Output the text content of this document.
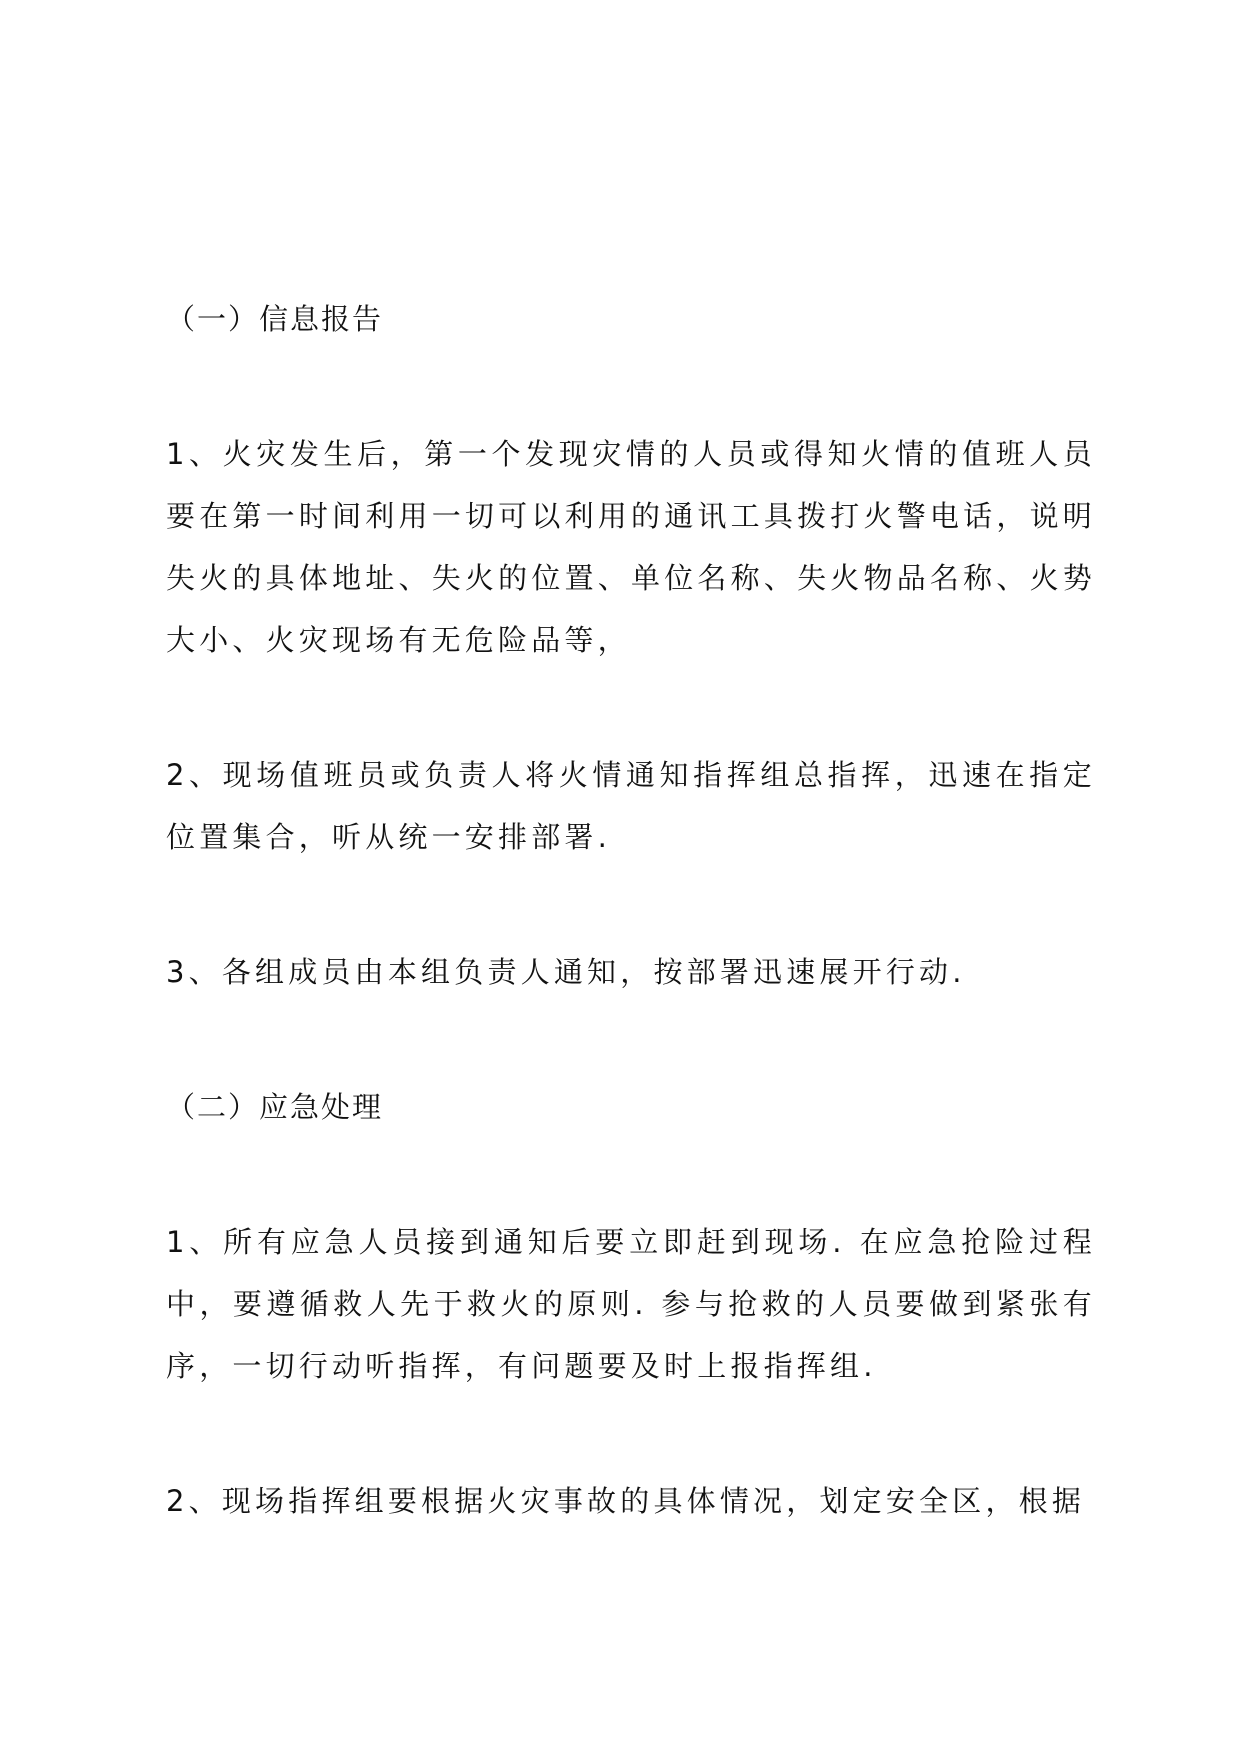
（一）信息报告

1、火灾发生后，第一个发现灾情的人员或得知火情的值班人员要在第一时间利用一切可以利用的通讯工具拨打火警电话，说明失火的具体地址、失火的位置、单位名称、失火物品名称、火势大小、火灾现场有无危险品等，

2、现场值班员或负责人将火情通知指挥组总指挥，迅速在指定位置集合，听从统一安排部署.

3、各组成员由本组负责人通知，按部署迅速展开行动.

（二）应急处理

1、所有应急人员接到通知后要立即赶到现场. 在应急抢险过程中，要遵循救人先于救火的原则. 参与抢救的人员要做到紧张有序，一切行动听指挥，有问题要及时上报指挥组.

2、现场指挥组要根据火灾事故的具体情况，划定安全区，根据
